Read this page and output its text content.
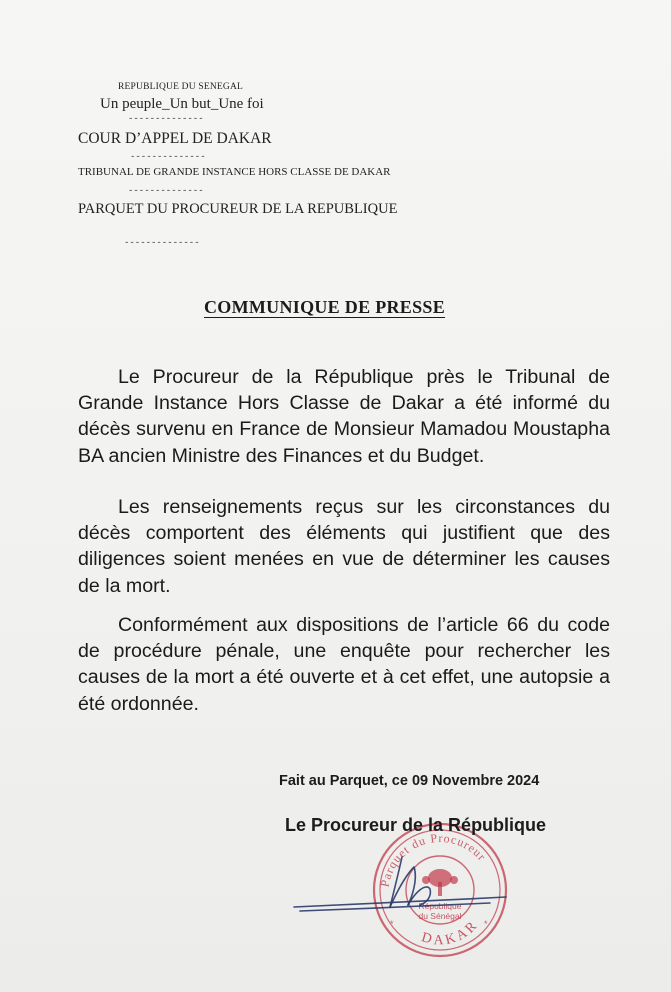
REPUBLIQUE DU SENEGAL
Un peuple_Un but_Une foi
--------------
COUR D’APPEL DE DAKAR
--------------
TRIBUNAL DE GRANDE INSTANCE HORS CLASSE DE DAKAR
--------------
PARQUET DU PROCUREUR DE LA REPUBLIQUE
--------------
COMMUNIQUE DE PRESSE
Le Procureur de la République près le Tribunal de Grande Instance Hors Classe de Dakar a été informé du décès survenu en France de Monsieur Mamadou Moustapha BA ancien Ministre des Finances et du Budget.
Les renseignements reçus sur les circonstances du décès comportent des éléments qui justifient que des diligences soient menées en vue de déterminer les causes de la mort.
Conformément aux dispositions de l’article 66 du code de procédure pénale, une enquête pour rechercher les causes de la mort a été ouverte et à cet effet, une autopsie a été ordonnée.
Fait au Parquet, ce 09 Novembre 2024
Parquet du Procureur
DAKAR
République
du Sénégal
*	*
Le Procureur de la République
